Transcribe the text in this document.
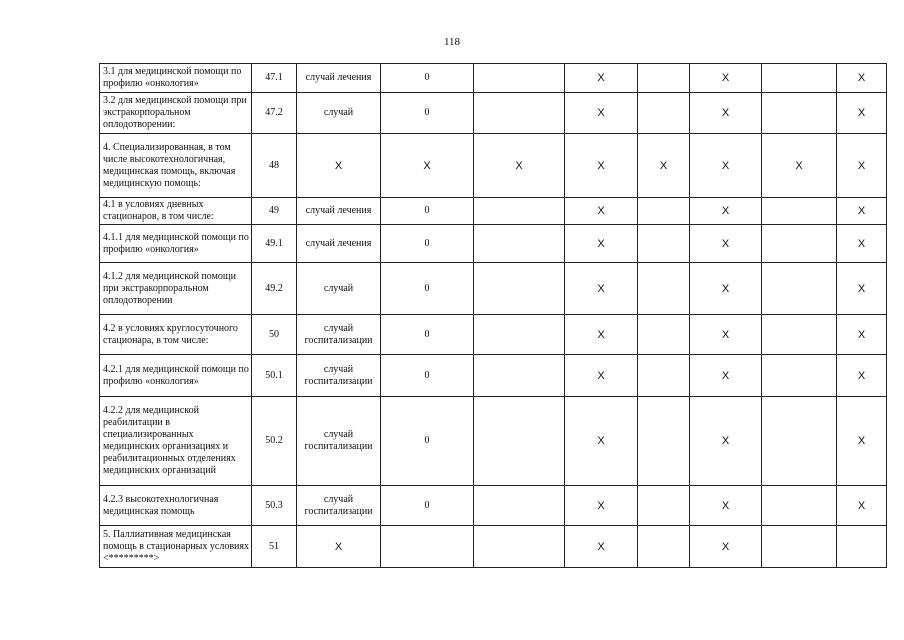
118
3.1 для медицинской помощи по профилю «онкология»	47.1	случай лечения	0		X		X		X
3.2 для медицинской помощи при экстракорпоральном оплодотворении:	47.2	случай	0		X		X		X
4. Специализированная, в том числе высокотехнологичная, медицинская помощь, включая медицинскую помощь:	48	X	X	X	X	X	X	X	X
4.1 в условиях дневных стационаров, в том числе:	49	случай лечения	0		X		X		X
4.1.1 для медицинской помощи по профилю «онкология»	49.1	случай лечения	0		X		X		X
4.1.2 для медицинской помощи при экстракорпоральном оплодотворении	49.2	случай	0		X		X		X
4.2 в условиях круглосуточного стационара, в том числе:	50	случай госпитализации	0		X		X		X
4.2.1 для медицинской помощи по профилю «онкология»	50.1	случай госпитализации	0		X		X		X
4.2.2 для медицинской реабилитации в специализированных медицинских организациях и реабилитационных отделениях медицинских организаций	50.2	случай госпитализации	0		X		X		X
4.2.3 высокотехнологичная медицинская помощь	50.3	случай госпитализации	0		X		X		X
5. Паллиативная медицинская помощь в стационарных условиях <*********>	51	X			X		X		
